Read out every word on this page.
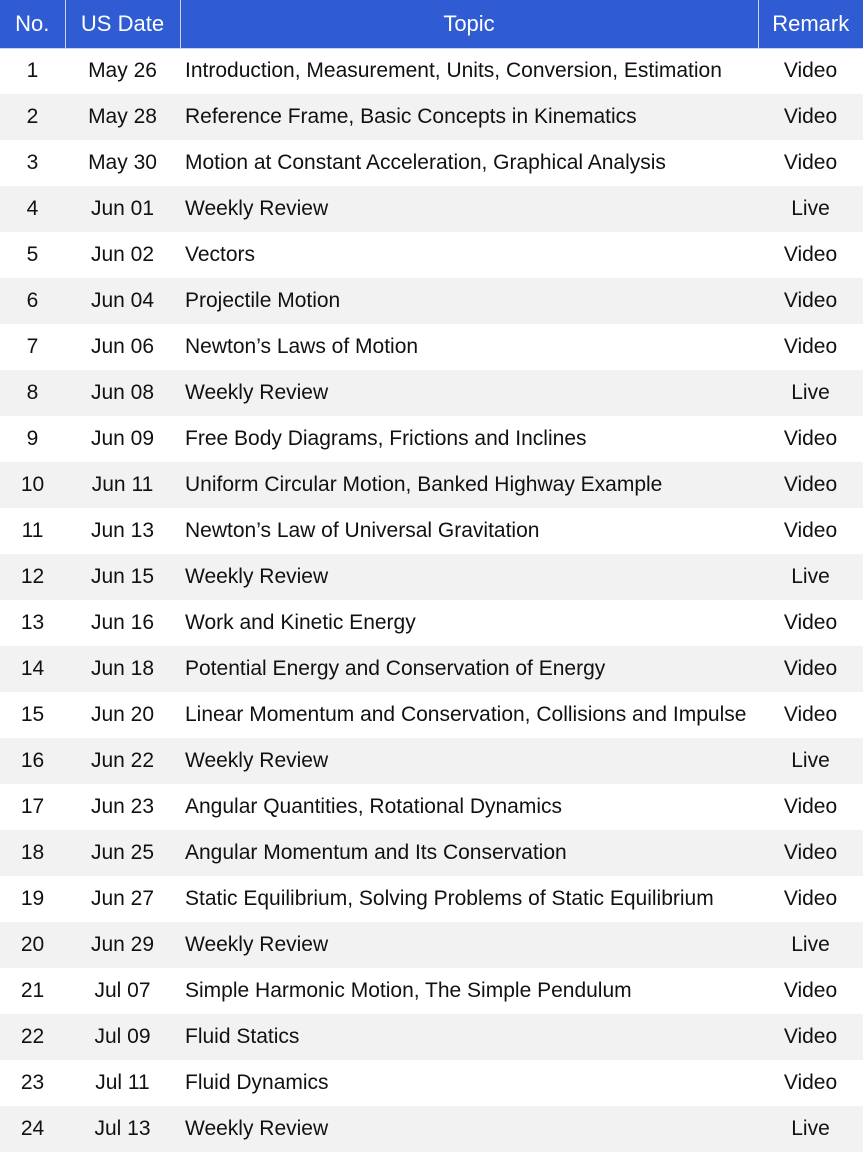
No.	US Date	Topic	Remark
1	May 26	Introduction, Measurement, Units, Conversion, Estimation	Video
2	May 28	Reference Frame, Basic Concepts in Kinematics	Video
3	May 30	Motion at Constant Acceleration, Graphical Analysis	Video
4	Jun 01	Weekly Review	Live
5	Jun 02	Vectors	Video
6	Jun 04	Projectile Motion	Video
7	Jun 06	Newton’s Laws of Motion	Video
8	Jun 08	Weekly Review	Live
9	Jun 09	Free Body Diagrams, Frictions and Inclines	Video
10	Jun 11	Uniform Circular Motion, Banked Highway Example	Video
11	Jun 13	Newton’s Law of Universal Gravitation	Video
12	Jun 15	Weekly Review	Live
13	Jun 16	Work and Kinetic Energy	Video
14	Jun 18	Potential Energy and Conservation of Energy	Video
15	Jun 20	Linear Momentum and Conservation, Collisions and Impulse	Video
16	Jun 22	Weekly Review	Live
17	Jun 23	Angular Quantities, Rotational Dynamics	Video
18	Jun 25	Angular Momentum and Its Conservation	Video
19	Jun 27	Static Equilibrium, Solving Problems of Static Equilibrium	Video
20	Jun 29	Weekly Review	Live
21	Jul 07	Simple Harmonic Motion, The Simple Pendulum	Video
22	Jul 09	Fluid Statics	Video
23	Jul 11	Fluid Dynamics	Video
24	Jul 13	Weekly Review	Live
